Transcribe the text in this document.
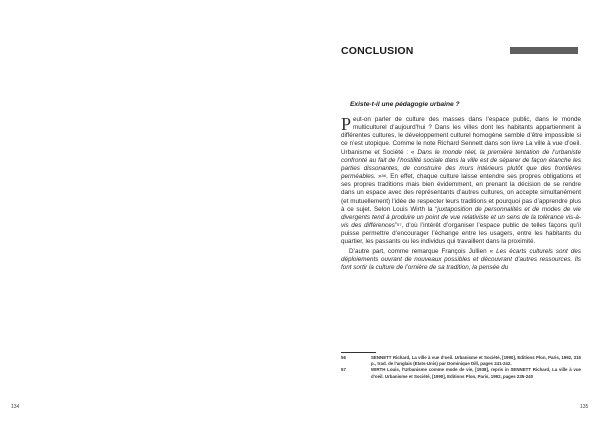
CONCLUSION
Existe-t-il une pédagogie urbaine ?

Peut-on parler de culture des masses dans l’espace public, dans le monde multiculturel d’aujourd’hui ? Dans les villes dont les habitants appartiennent à différentes cultures, le développement culturel homogène semble d’être impossible si ce n’est utopique. Comme le note Richard Sennett dans son livre La ville à vue d’oeil. Urbanisme et Société : « Dans le monde réel, la première tentation de l’urbaniste confronté au fait de l’hostilité sociale dans la ville est de séparer de façon étanche les parties dissonantes, de construire des murs intérieurs plutôt que des frontières perméables. »$^{56}$. En effet, chaque culture laisse entendre ses propres obligations et ses propres traditions mais bien évidemment, en prenant la décision de se rendre dans un espace avec des représentants d’autres cultures, on accepte simultanément (et mutuellement) l’idée de respecter leurs traditions et pourquoi pas d’apprendre plus à ce sujet. Selon Louis Wirth la “juxtaposition de personnalités et de modes de vie divergents tend à produire un point de vue relativiste et un sens de la tolérance vis-à-vis des différences”$^{57}$, d’où l’intérêt d’organiser l’espace public de telles façons qu’il puisse permettre d’encourager l’échange entre les usagers, entre les habitants du quartier, les passants ou les individus qui travaillent dans la proximité.

D’autre part, comme remarque François Jullien « Les écarts culturels sont des déploiements ouvrant de nouveaux possibles et découvrant d’autres ressources. Ils font sortir la culture de l’ornière de sa tradition, la pensée du

56	SENNETT Richard, La ville à vue d’oeil. Urbanisme et Société, [1990], Editions Plon, Paris, 1992, 315 p., trad. de l’anglais (Etats-Unis) par Dominique Dill, pages 241-242.
57	WIRTH Louis, l’Urbanisme comme mode de vie, [1938], repris in SENNETT Richard, La ville à vue d’oeil. Urbanisme et Société, [1990], Editions Plon, Paris, 1992, pages 235-240
134	135
